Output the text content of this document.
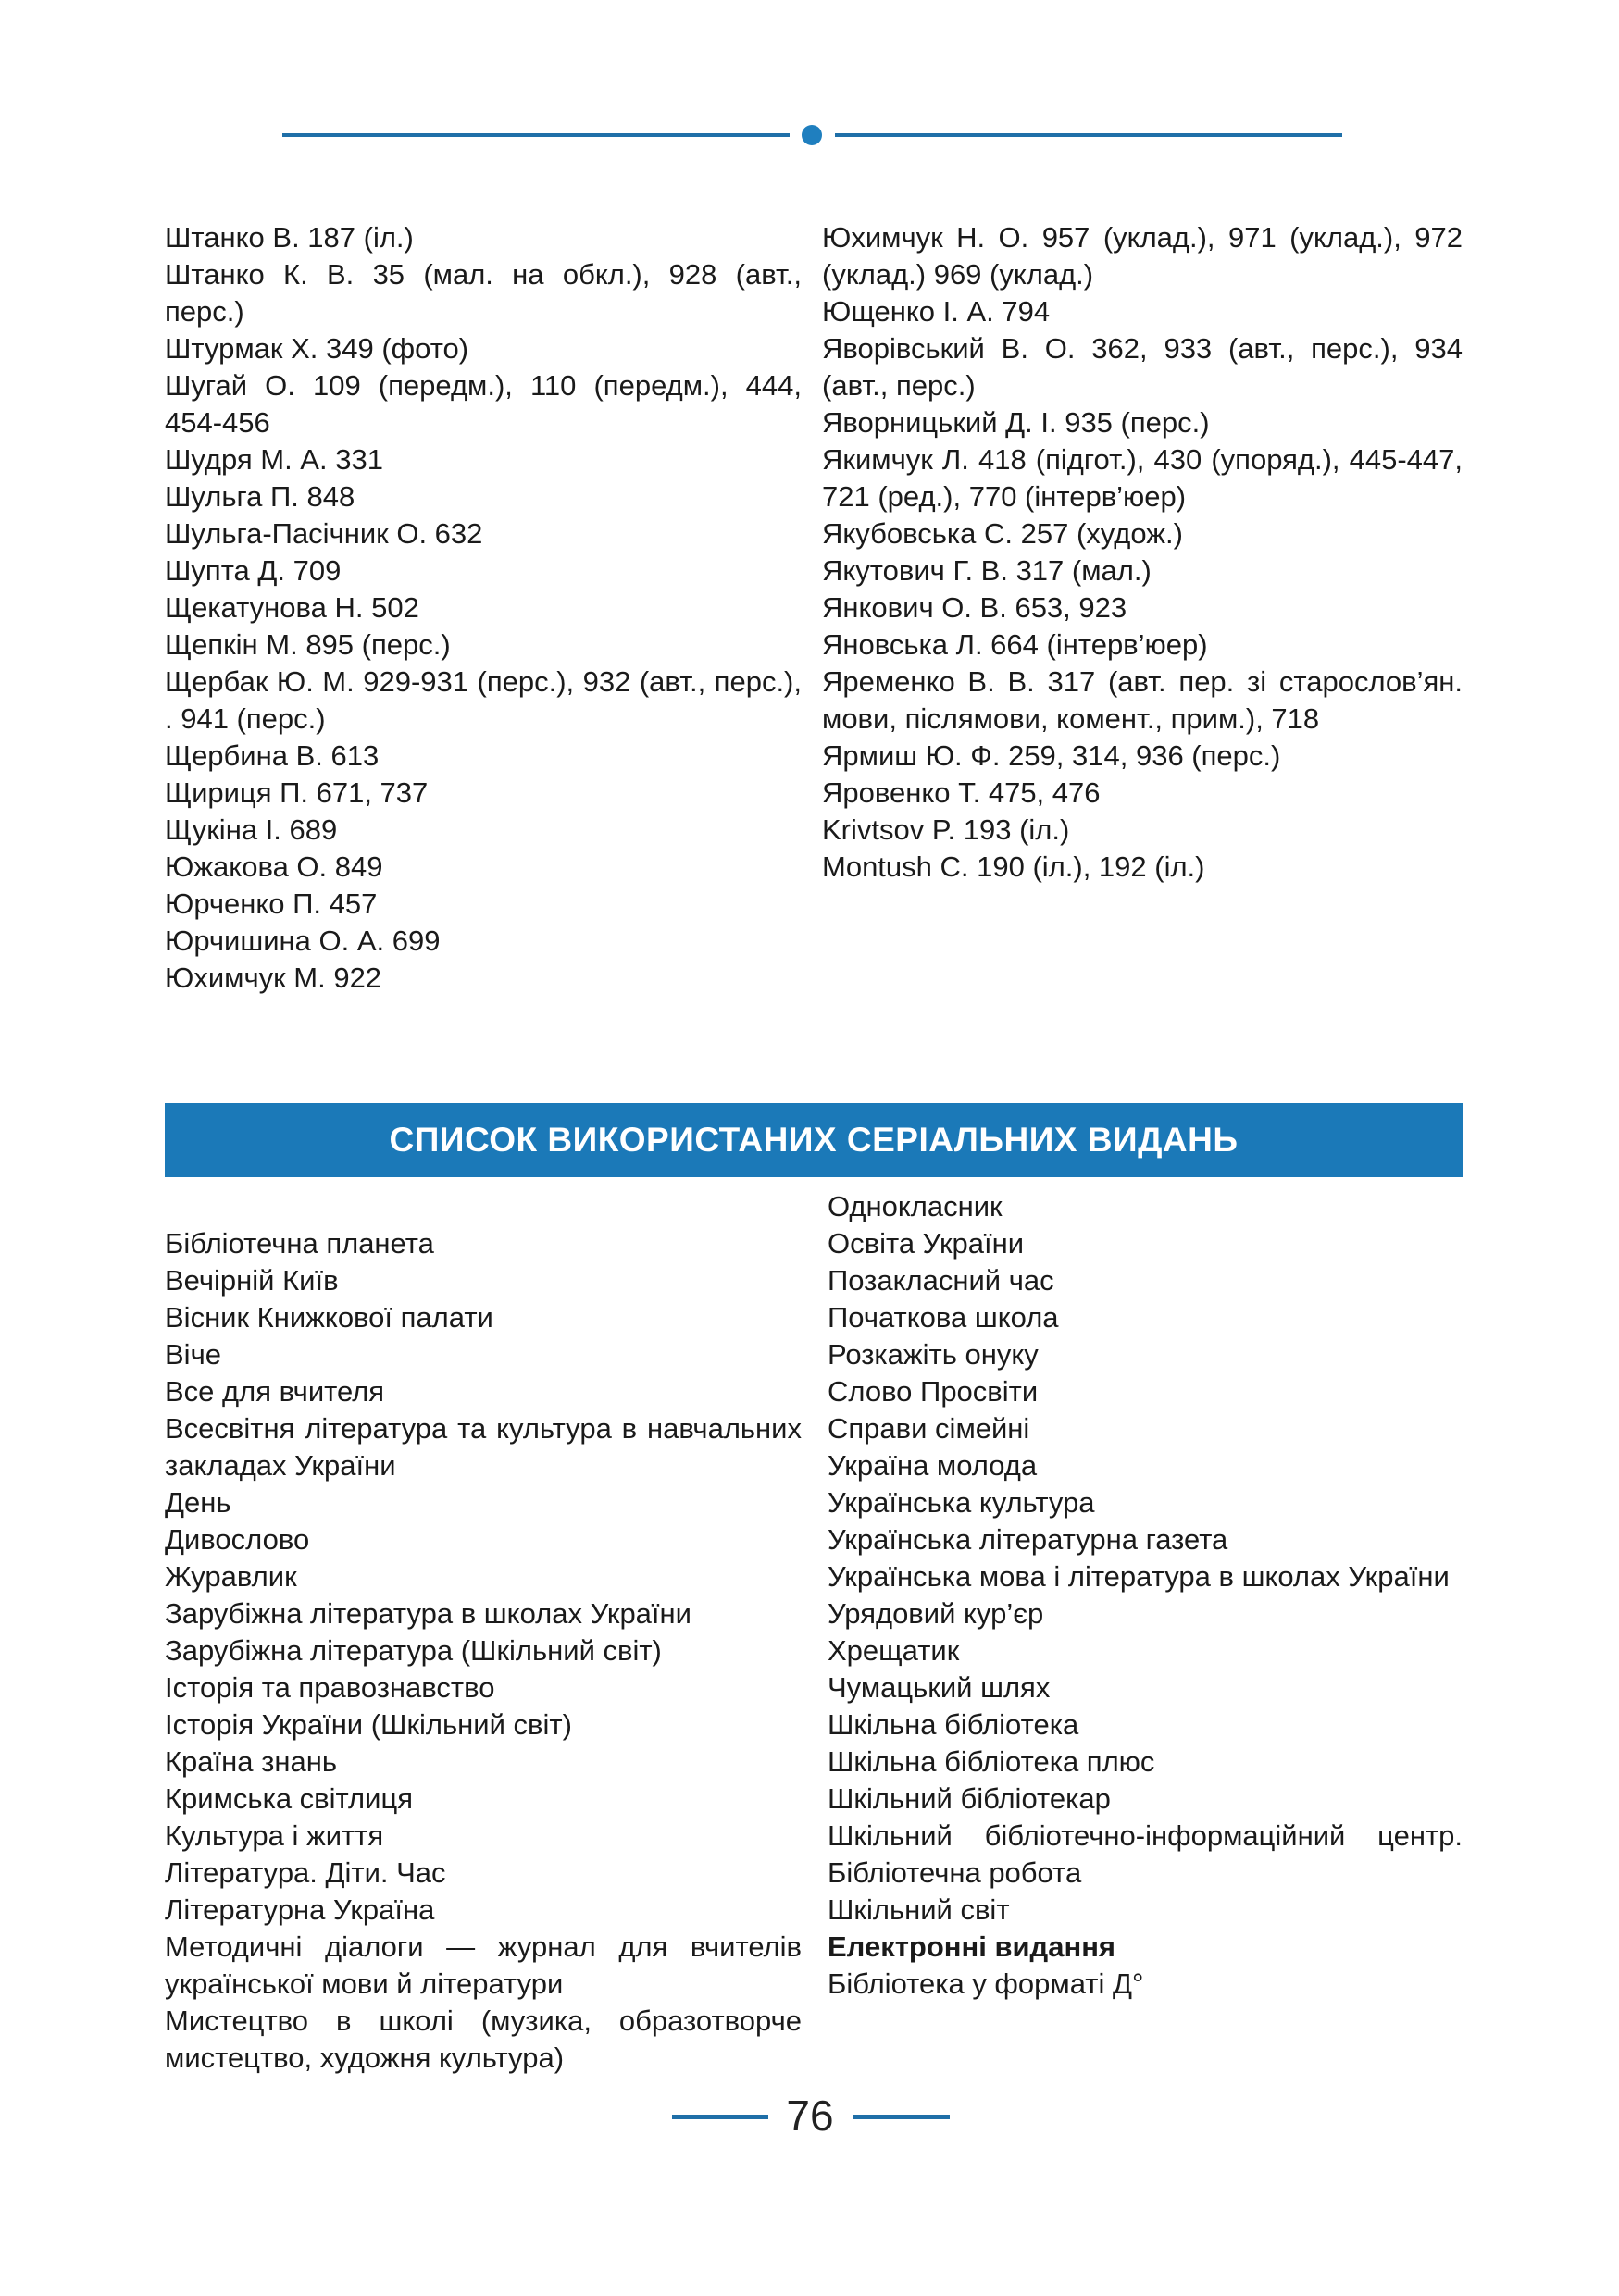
Штанко В. 187 (іл.)
Штанко К. В. 35 (мал. на обкл.), 928 (авт., перс.)
Штурмак Х. 349 (фото)
Шугай О. 109 (передм.), 110 (передм.), 444, 454-456
Шудря М. А. 331
Шульга П. 848
Шульга-Пасічник О. 632
Шупта Д. 709
Щекатунова Н. 502
Щепкін М. 895 (перс.)
Щербак Ю. М. 929-931 (перс.), 932 (авт., перс.), . 941 (перс.)
Щербина В. 613
Щириця П. 671, 737
Щукіна І. 689
Южакова О. 849
Юрченко П. 457
Юрчишина О. А. 699
Юхимчук М. 922
Юхимчук Н. О. 957 (уклад.), 971 (уклад.), 972 (уклад.) 969 (уклад.)
Ющенко І. А. 794
Яворівський В. О. 362, 933 (авт., перс.), 934 (авт., перс.)
Яворницький Д. І. 935 (перс.)
Якимчук Л. 418 (підгот.), 430 (упоряд.), 445-447, 721 (ред.), 770 (інтерв’юер)
Якубовська С. 257 (худож.)
Якутович Г. В. 317 (мал.)
Янкович О. В. 653, 923
Яновська Л. 664 (інтерв’юер)
Яременко В. В. 317 (авт. пер. зі старослов’ян. мови, післямови, комент., прим.), 718
Ярмиш Ю. Ф. 259, 314, 936 (перс.)
Яровенко Т. 475, 476
Krivtsov P. 193 (іл.)
Montush C. 190 (іл.), 192 (іл.)
СПИСОК ВИКОРИСТАНИХ СЕРІАЛЬНИХ ВИДАНЬ
Бібліотечна планета
Вечірній Київ
Вісник Книжкової палати
Віче
Все для вчителя
Всесвітня література та культура в навчальних закладах України
День
Дивослово
Журавлик
Зарубіжна література в школах України
Зарубіжна література (Шкільний світ)
Історія та правознавство
Історія України (Шкільний світ)
Країна знань
Кримська світлиця
Культура і життя
Література. Діти. Час
Літературна Україна
Методичні діалоги — журнал для вчителів української мови й літератури
Мистецтво в школі (музика, образотворче мистецтво, художня культура)
Однокласник
Освіта України
Позакласний час
Початкова школа
Розкажіть онуку
Слово Просвіти
Справи сімейні
Україна молода
Українська культура
Українська літературна газета
Українська мова і література в школах України
Урядовий кур’єр
Хрещатик
Чумацький шлях
Шкільна бібліотека
Шкільна бібліотека плюс
Шкільний бібліотекар
Шкільний бібліотечно-інформаційний центр. Бібліотечна робота
Шкільний світ
Електронні видання
Бібліотека у форматі Д°
76
